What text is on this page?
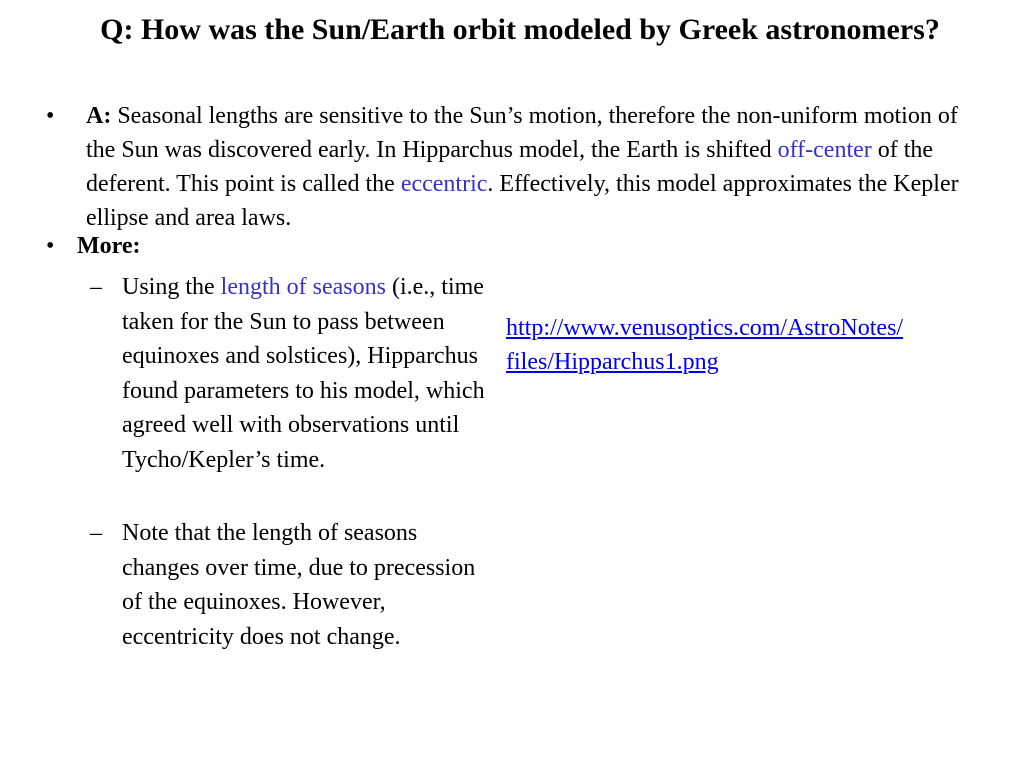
Q: How was the Sun/Earth orbit modeled by Greek astronomers?
• A: Seasonal lengths are sensitive to the Sun’s motion, therefore the non-uniform motion of the Sun was discovered early. In Hipparchus model, the Earth is shifted off-center of the deferent. This point is called the eccentric. Effectively, this model approximates the Kepler ellipse and area laws.
• More:
– Using the length of seasons (i.e., time taken for the Sun to pass between equinoxes and solstices), Hipparchus found parameters to his model, which agreed well with observations until Tycho/Kepler’s time.
– Note that the length of seasons changes over time, due to precession of the equinoxes. However, eccentricity does not change.
http://www.venusoptics.com/AstroNotes/
files/Hipparchus1.png
